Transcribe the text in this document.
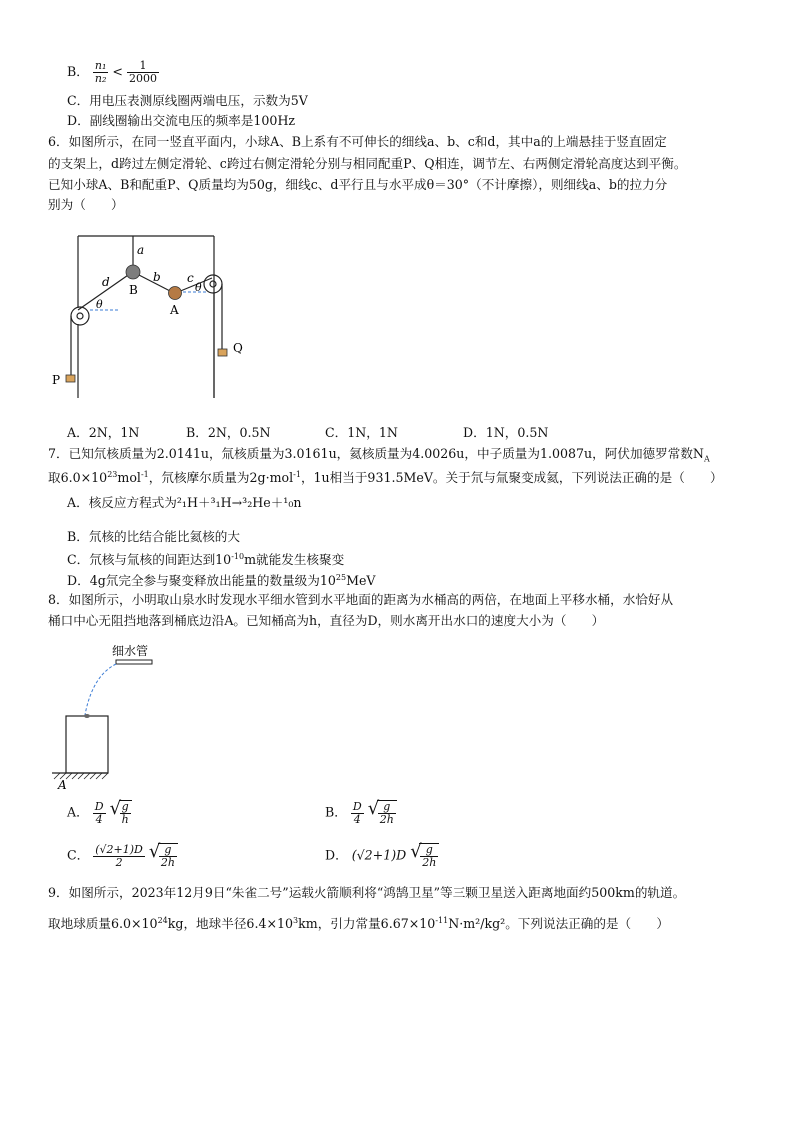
B． $\frac{\text{n₁}}{\text{n₂}} < \frac{1}{2000}$
C．用电压表测原线圈两端电压，示数为5V
D．副线圈输出交流电压的频率是100Hz
6．如图所示，在同一竖直平面内，小球A、B上系有不可伸长的细线a、b、c和d，其中a的上端悬挂于竖直固定
的支架上，d跨过左侧定滑轮、c跨过右侧定滑轮分别与相同配重P、Q相连，调节左、右两侧定滑轮高度达到平衡。
已知小球A、B和配重P、Q质量均为50g，细线c、d平行且与水平成θ＝30°（不计摩擦），则细线a、b的拉力分
别为（　　）
a
d	b c
B
A
P
Q
θ
θ
A．2N，1N	B．2N，0.5N	C．1N，1N	D．1N，0.5N
7．已知氘核质量为2.0141u，氚核质量为3.0161u，氦核质量为4.0026u，中子质量为1.0087u，阿伏加德罗常数$N_A$
取$6.0\times 10^{23}mol^{-1}$，氘核摩尔质量为2g·mol$^{-1}$，1u相当于931.5MeV。关于氘与氚聚变成氦，下列说法正确的是（　　）
A．核反应方程式为²₁H＋³₁H→³₂He＋¹₀n
B．氘核的比结合能比氦核的大
C．氘核与氚核的间距达到$10^{-10}m$就能发生核聚变
D．4g氘完全参与聚变释放出能量的数量级为$10^{25}MeV$
8．如图所示，小明取山泉水时发现水平细水管到水平地面的距离为水桶高的两倍，在地面上平移水桶，水恰好从
桶口中心无阻挡地落到桶底边沿A。已知桶高为h，直径为D，则水离开出水口的速度大小为（　　）
细水管
A
A． $\frac{D}{4}$
√
$\frac{g}{h}$	B． $\frac{D}{4}$
√
$\frac{g}{2h}$
C． $\frac{(√2+1)D}{2}$
√
$\frac{g}{2h}$	D． (√2+1)D √
$\frac{g}{2h}$
9．如图所示，2023年12月9日“朱雀二号”运载火箭顺利将“鸿鹄卫星”等三颗卫星送入距离地面约500km的轨道。
取地球质量$6.0\times 10^{24}kg$，地球半径$6.4\times 10^3km$，引力常量$6.67\times 10^{-11}N\cdot m^2$/kg²。下列说法正确的是（　　）
